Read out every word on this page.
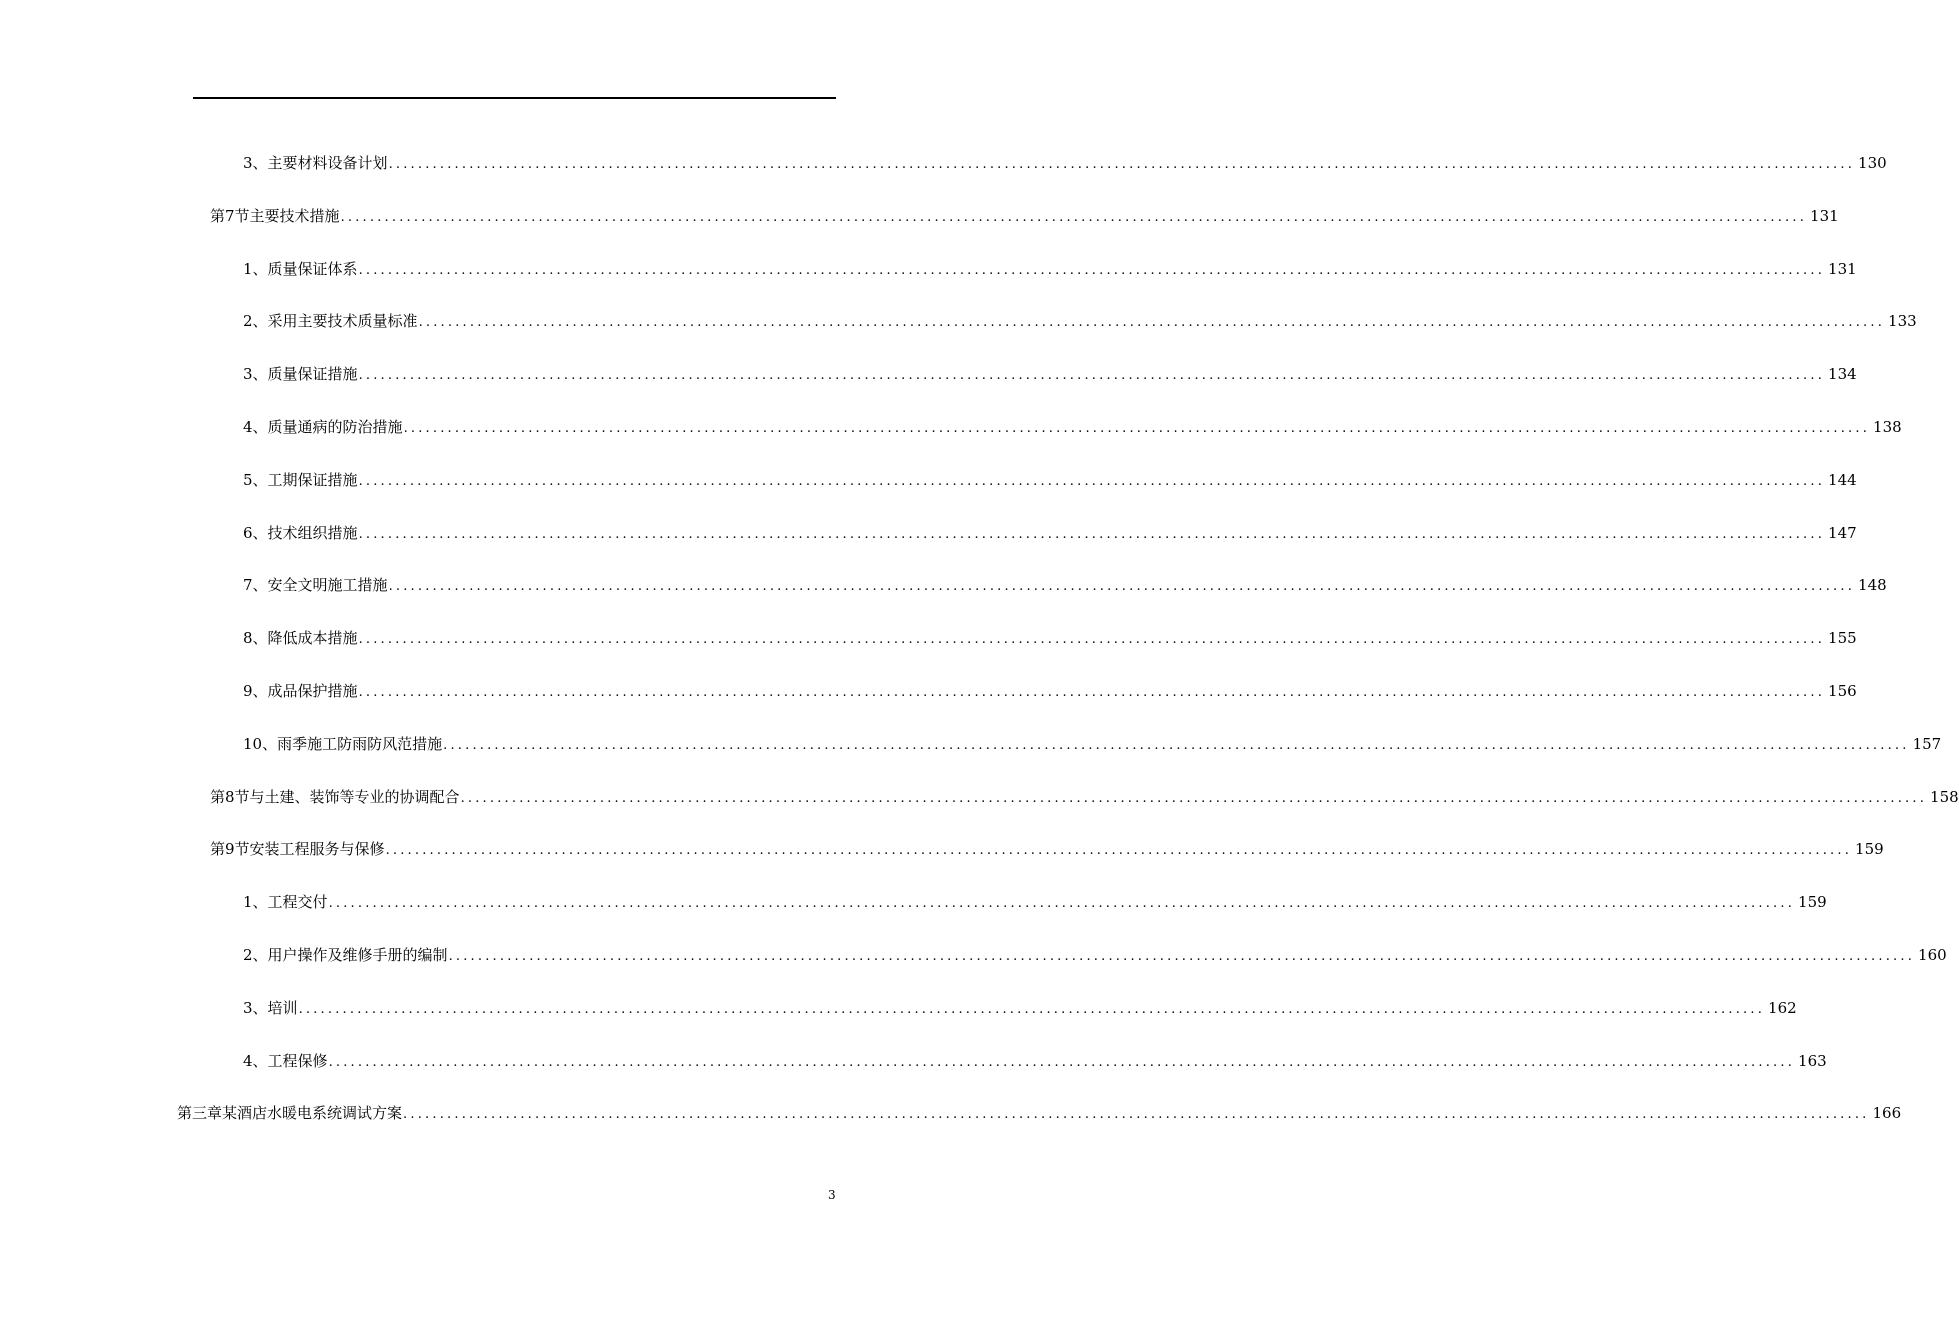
3、 主要材料设备计划 ........................................................................................................................................................................................................ 130
第7节 主要技术措施 ........................................................................................................................................................................................................ 131
1、 质量保证体系 ........................................................................................................................................................................................................ 131
2、 采用主要技术质量标准 ........................................................................................................................................................................................................ 133
3、 质量保证措施 ........................................................................................................................................................................................................ 134
4、 质量通病的防治措施 ........................................................................................................................................................................................................ 138
5、 工期保证措施 ........................................................................................................................................................................................................ 144
6、 技术组织措施 ........................................................................................................................................................................................................ 147
7、 安全文明施工措施 ........................................................................................................................................................................................................ 148
8、 降低成本措施 ........................................................................................................................................................................................................ 155
9、 成品保护措施 ........................................................................................................................................................................................................ 156
10、 雨季施工防雨防风范措施 ........................................................................................................................................................................................................ 157
第8节 与土建、装饰等专业的协调配合 ........................................................................................................................................................................................................ 158
第9节 安装工程服务与保修 ........................................................................................................................................................................................................ 159
1、 工程交付 ........................................................................................................................................................................................................ 159
2、 用户操作及维修手册的编制 ........................................................................................................................................................................................................ 160
3、 培训 ........................................................................................................................................................................................................ 162
4、 工程保修 ........................................................................................................................................................................................................ 163
第三章 某酒店水暖电系统调试方案 ........................................................................................................................................................................................................ 166
3
